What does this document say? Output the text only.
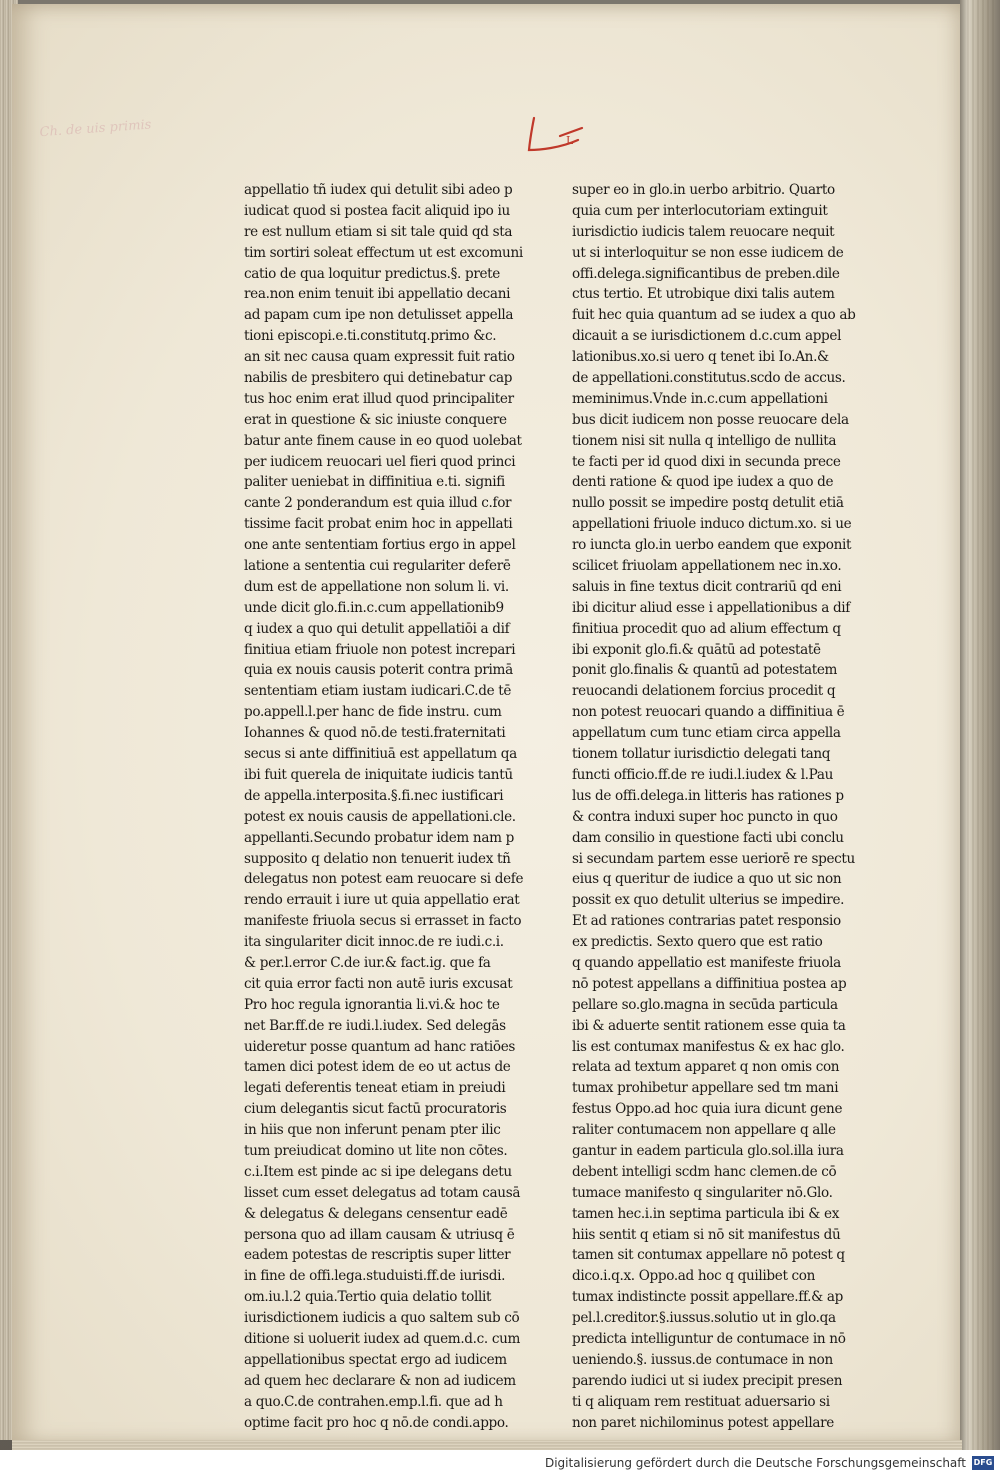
Ch. de uis primis
L
appellatio tñ iudex qui detulit sibi adeo p
iudicat quod si postea facit aliquid ipo iu
re est nullum etiam si sit tale quid qd sta
tim sortiri soleat effectum ut est excomuni
catio de qua loquitur predictus.§. prete
rea.non enim tenuit ibi appellatio decani
ad papam cum ipe non detulisset appella
tioni episcopi.e.ti.constitutq.primo &c.
an sit nec causa quam expressit fuit ratio
nabilis de presbitero qui detinebatur cap
tus hoc enim erat illud quod principaliter
erat in questione & sic iniuste conquere
batur ante finem cause in eo quod uolebat
per iudicem reuocari uel fieri quod princi
paliter ueniebat in diffinitiua e.ti. signifi
cante 2 ponderandum est quia illud c.for
tissime facit probat enim hoc in appellati
one ante sententiam fortius ergo in appel
latione a sententia cui regulariter deferē
dum est de appellatione non solum li. vi.
unde dicit glo.fi.in.c.cum appellationib9
q iudex a quo qui detulit appellatiōi a dif
finitiua etiam friuole non potest increpari
quia ex nouis causis poterit contra primā
sententiam etiam iustam iudicari.C.de tē
po.appell.l.per hanc de fide instru. cum
Iohannes & quod nō.de testi.fraternitati
secus si ante diffinitiuā est appellatum qa
ibi fuit querela de iniquitate iudicis tantū
de appella.interposita.§.fi.nec iustificari
potest ex nouis causis de appellationi.cle.
appellanti.Secundo probatur idem nam p
supposito q delatio non tenuerit iudex tñ
delegatus non potest eam reuocare si defe
rendo errauit i iure ut quia appellatio erat
manifeste friuola secus si errasset in facto
ita singulariter dicit innoc.de re iudi.c.i.
& per.l.error C.de iur.& fact.ig. que fa
cit quia error facti non autē iuris excusat
Pro hoc regula ignorantia li.vi.& hoc te
net Bar.ff.de re iudi.l.iudex. Sed delegās
uideretur posse quantum ad hanc ratiōes
tamen dici potest idem de eo ut actus de
legati deferentis teneat etiam in preiudi
cium delegantis sicut factū procuratoris
in hiis que non inferunt penam pter ilic
tum preiudicat domino ut lite non cōtes.
c.i.Item est pinde ac si ipe delegans detu
lisset cum esset delegatus ad totam causā
& delegatus & delegans censentur eadē
persona quo ad illam causam & utriusq ē
eadem potestas de rescriptis super litter
in fine de offi.lega.studuisti.ff.de iurisdi.
om.iu.l.2 quia.Tertio quia delatio tollit
iurisdictionem iudicis a quo saltem sub cō
ditione si uoluerit iudex ad quem.d.c. cum
appellationibus spectat ergo ad iudicem
ad quem hec declarare & non ad iudicem
a quo.C.de contrahen.emp.l.fi. que ad h
optime facit pro hoc q nō.de condi.appo.
super eo in glo.in uerbo arbitrio. Quarto
quia cum per interlocutoriam extinguit
iurisdictio iudicis talem reuocare nequit
ut si interloquitur se non esse iudicem de
offi.delega.significantibus de preben.dile
ctus tertio. Et utrobique dixi talis autem
fuit hec quia quantum ad se iudex a quo ab
dicauit a se iurisdictionem d.c.cum appel
lationibus.xo.si uero q tenet ibi Io.An.&
de appellationi.constitutus.scdo de accus.
meminimus.Vnde in.c.cum appellationi
bus dicit iudicem non posse reuocare dela
tionem nisi sit nulla q intelligo de nullita
te facti per id quod dixi in secunda prece
denti ratione & quod ipe iudex a quo de
nullo possit se impedire postq detulit etiā
appellationi friuole induco dictum.xo. si ue
ro iuncta glo.in uerbo eandem que exponit
scilicet friuolam appellationem nec in.xo.
saluis in fine textus dicit contrariū qd eni
ibi dicitur aliud esse i appellationibus a dif
finitiua procedit quo ad alium effectum q
ibi exponit glo.fi.& quātū ad potestatē
ponit glo.finalis & quantū ad potestatem
reuocandi delationem forcius procedit q
non potest reuocari quando a diffinitiua ē
appellatum cum tunc etiam circa appella
tionem tollatur iurisdictio delegati tanq
functi officio.ff.de re iudi.l.iudex & l.Pau
lus de offi.delega.in litteris has rationes p
& contra induxi super hoc puncto in quo
dam consilio in questione facti ubi conclu
si secundam partem esse ueriorē re spectu
eius q queritur de iudice a quo ut sic non
possit ex quo detulit ulterius se impedire.
Et ad rationes contrarias patet responsio
ex predictis. Sexto quero que est ratio
q quando appellatio est manifeste friuola
nō potest appellans a diffinitiua postea ap
pellare so.glo.magna in secūda particula
ibi & aduerte sentit rationem esse quia ta
lis est contumax manifestus & ex hac glo.
relata ad textum apparet q non omis con
tumax prohibetur appellare sed tm mani
festus Oppo.ad hoc quia iura dicunt gene
raliter contumacem non appellare q alle
gantur in eadem particula glo.sol.illa iura
debent intelligi scdm hanc clemen.de cō
tumace manifesto q singulariter nō.Glo.
tamen hec.i.in septima particula ibi & ex
hiis sentit q etiam si nō sit manifestus dū
tamen sit contumax appellare nō potest q
dico.i.q.x. Oppo.ad hoc q quilibet con
tumax indistincte possit appellare.ff.& ap
pel.l.creditor.§.iussus.solutio ut in glo.qa
predicta intelliguntur de contumace in nō
ueniendo.§. iussus.de contumace in non
parendo iudici ut si iudex precipit presen
ti q aliquam rem restituat aduersario si
non paret nichilominus potest appellare
Digitalisierung gefördert durch die Deutsche Forschungsgemeinschaft DFG
